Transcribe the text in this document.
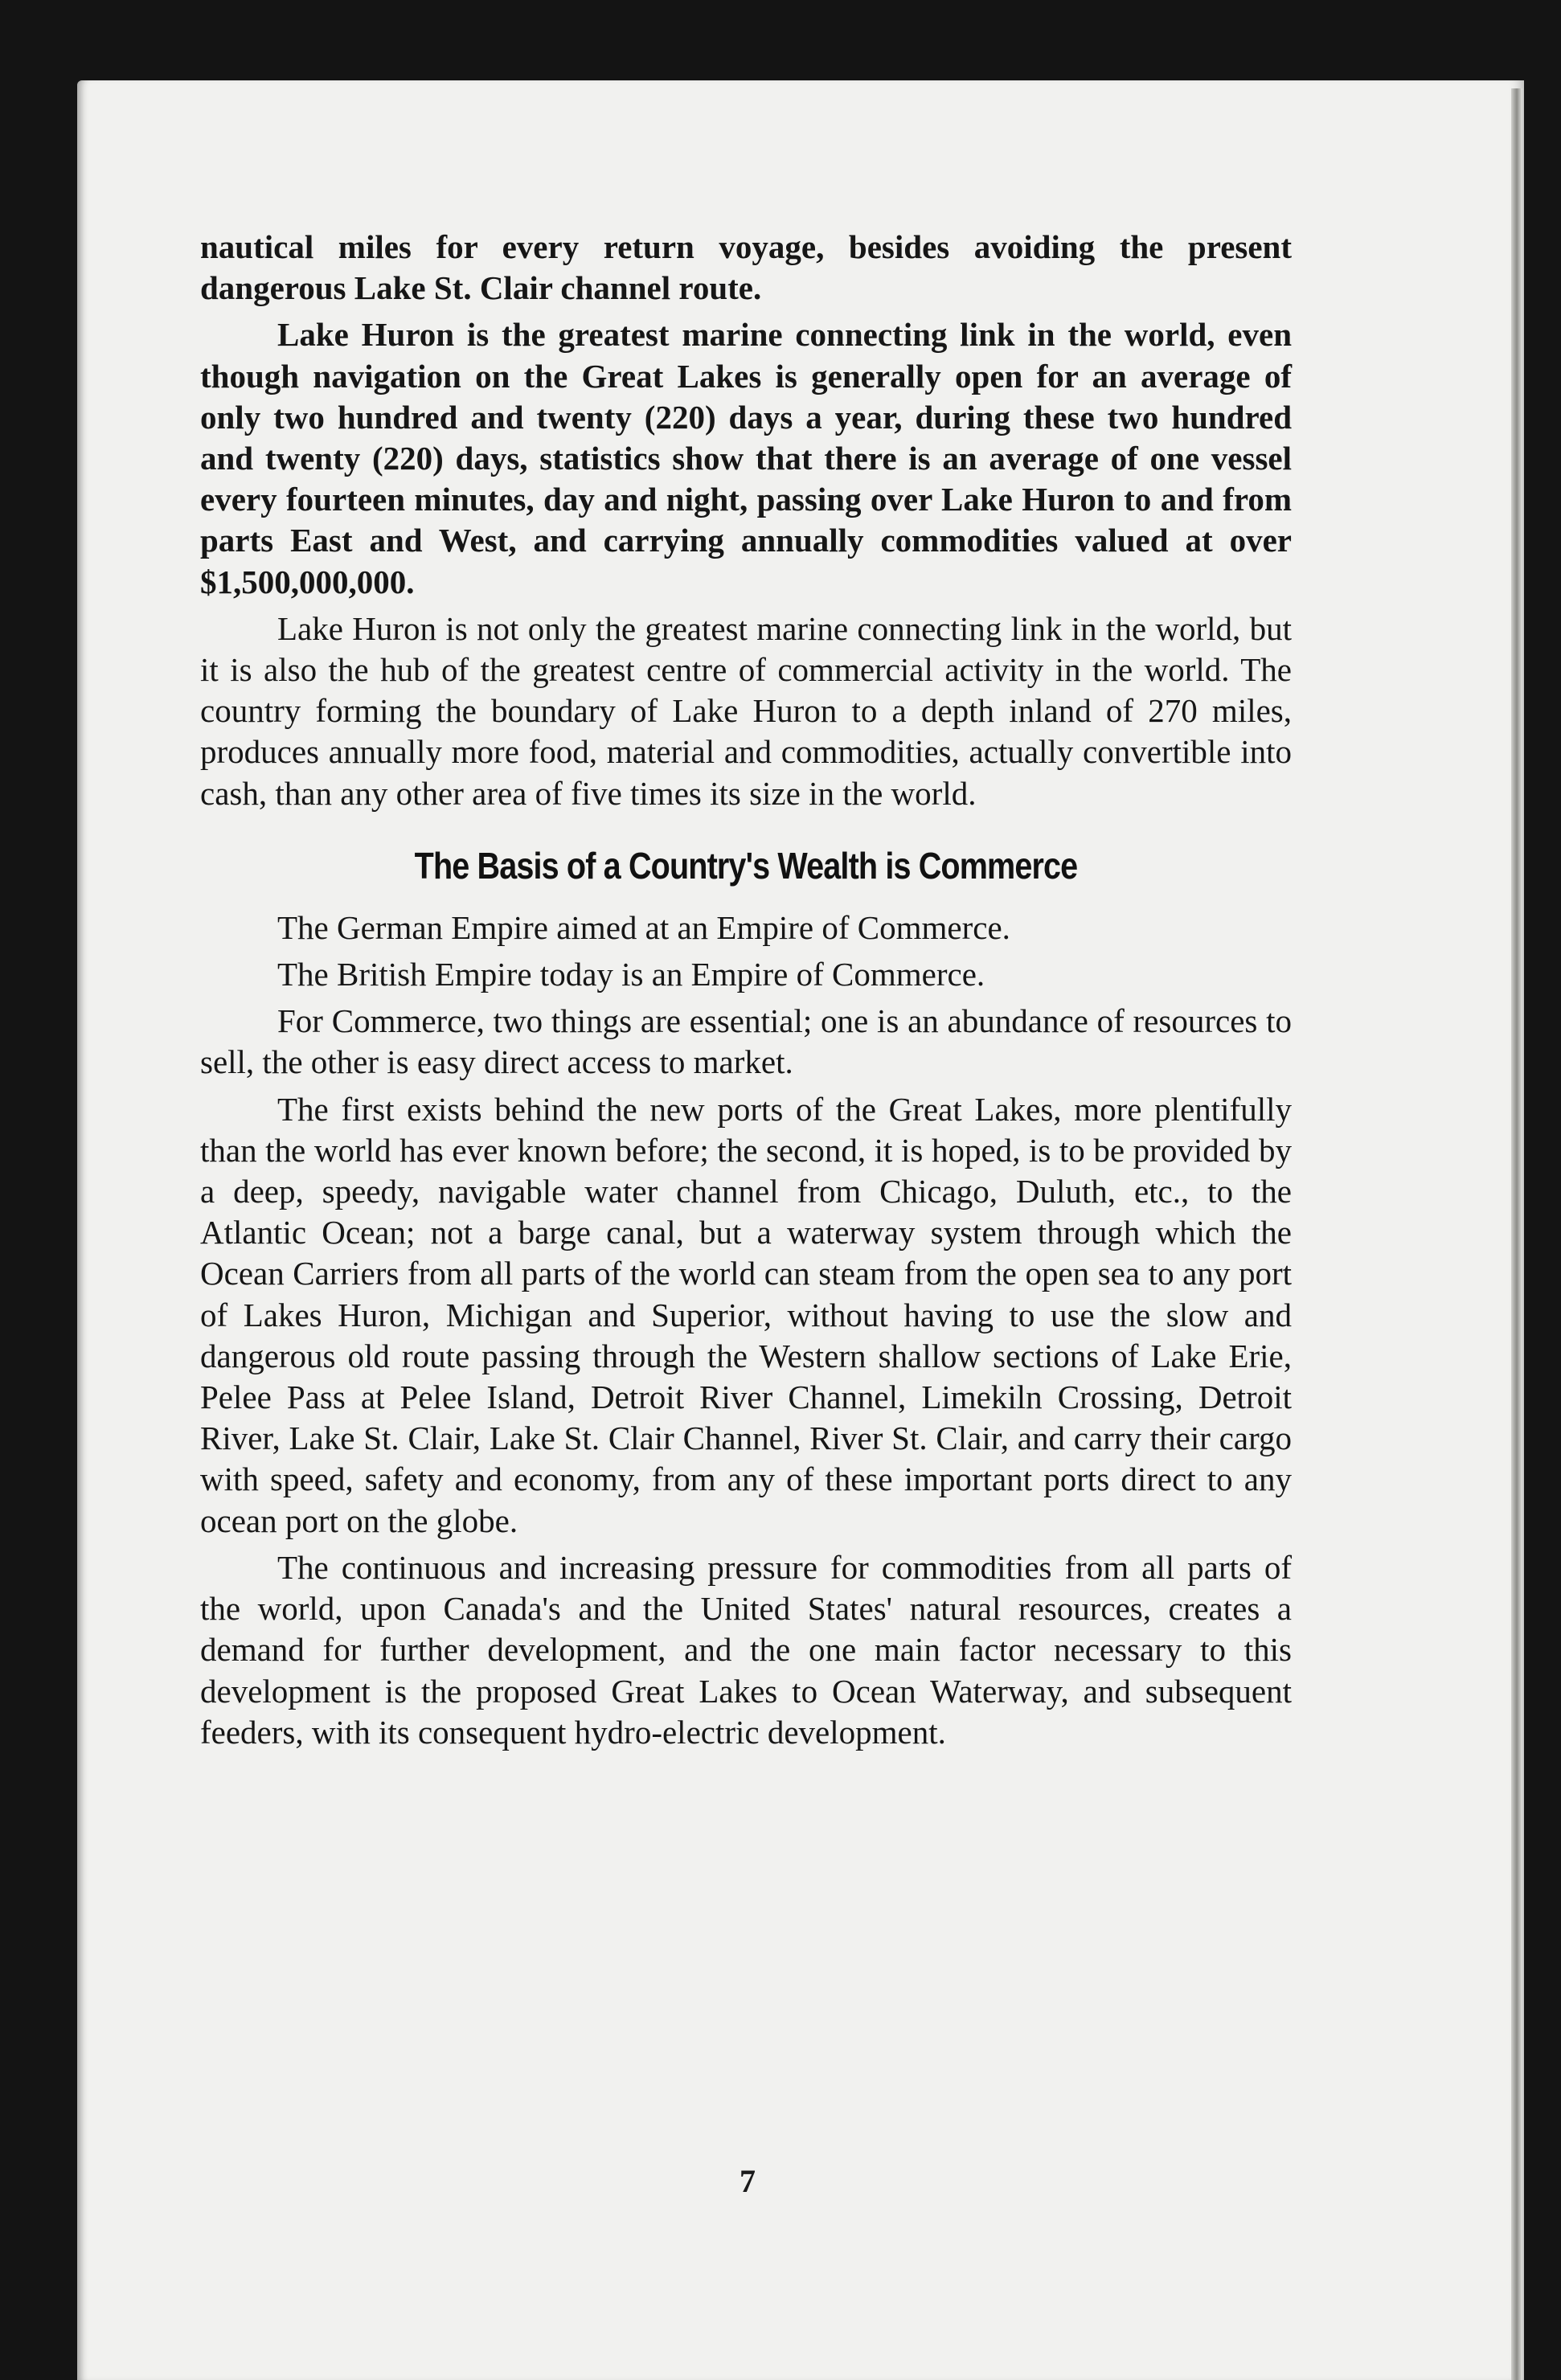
nautical miles for every return voyage, besides avoiding the present dangerous Lake St. Clair channel route.

Lake Huron is the greatest marine connecting link in the world, even though navigation on the Great Lakes is generally open for an average of only two hundred and twenty (220) days a year, during these two hundred and twenty (220) days, statistics show that there is an average of one vessel every fourteen minutes, day and night, passing over Lake Huron to and from parts East and West, and carrying annually commodities valued at over $1,500,000,000.

Lake Huron is not only the greatest marine connecting link in the world, but it is also the hub of the greatest centre of commercial activity in the world. The country forming the boundary of Lake Huron to a depth inland of 270 miles, produces annually more food, material and commodities, actually convertible into cash, than any other area of five times its size in the world.

The Basis of a Country's Wealth is Commerce

The German Empire aimed at an Empire of Commerce.

The British Empire today is an Empire of Commerce.

For Commerce, two things are essential; one is an abundance of resources to sell, the other is easy direct access to market.

The first exists behind the new ports of the Great Lakes, more plentifully than the world has ever known before; the second, it is hoped, is to be provided by a deep, speedy, navigable water channel from Chicago, Duluth, etc., to the Atlantic Ocean; not a barge canal, but a waterway system through which the Ocean Carriers from all parts of the world can steam from the open sea to any port of Lakes Huron, Michigan and Superior, without having to use the slow and dangerous old route passing through the Western shallow sections of Lake Erie, Pelee Pass at Pelee Island, Detroit River Channel, Limekiln Crossing, Detroit River, Lake St. Clair, Lake St. Clair Channel, River St. Clair, and carry their cargo with speed, safety and economy, from any of these important ports direct to any ocean port on the globe.

The continuous and increasing pressure for commodities from all parts of the world, upon Canada's and the United States' natural resources, creates a demand for further development, and the one main factor necessary to this development is the proposed Great Lakes to Ocean Waterway, and subsequent feeders, with its consequent hydro-electric development.

7
